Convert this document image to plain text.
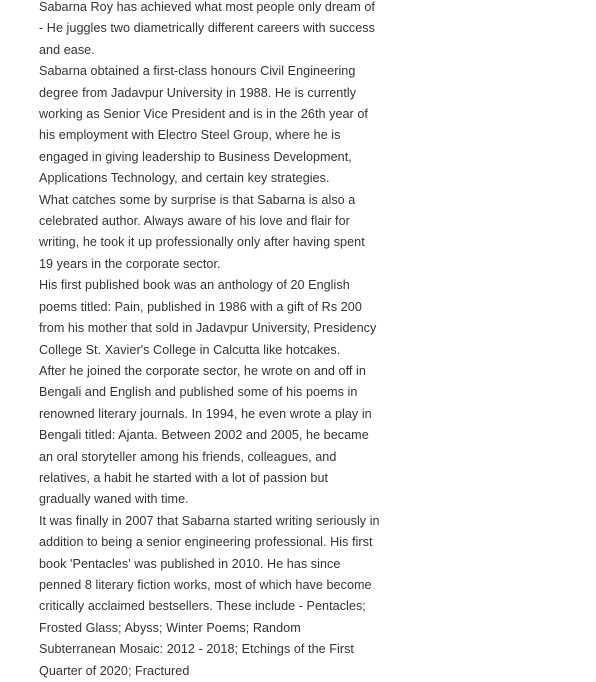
Sabarna Roy has achieved what most people only dream of - He juggles two diametrically different careers with success and ease.

Sabarna obtained a first-class honours Civil Engineering degree from Jadavpur University in 1988. He is currently working as Senior Vice President and is in the 26th year of his employment with Electro Steel Group, where he is engaged in giving leadership to Business Development, Applications Technology, and certain key strategies.

What catches some by surprise is that Sabarna is also a celebrated author. Always aware of his love and flair for writing, he took it up professionally only after having spent 19 years in the corporate sector.

His first published book was an anthology of 20 English poems titled: Pain, published in 1986 with a gift of Rs 200 from his mother that sold in Jadavpur University, Presidency College St. Xavier's College in Calcutta like hotcakes.

After he joined the corporate sector, he wrote on and off in Bengali and English and published some of his poems in renowned literary journals. In 1994, he even wrote a play in Bengali titled: Ajanta. Between 2002 and 2005, he became an oral storyteller among his friends, colleagues, and relatives, a habit he started with a lot of passion but gradually waned with time.

It was finally in 2007 that Sabarna started writing seriously in addition to being a senior engineering professional. His first book 'Pentacles' was published in 2010. He has since penned 8 literary fiction works, most of which have become critically acclaimed bestsellers. These include - Pentacles; Frosted Glass; Abyss; Winter Poems; Random Subterranean Mosaic: 2012 - 2018; Etchings of the First Quarter of 2020; Fractured
